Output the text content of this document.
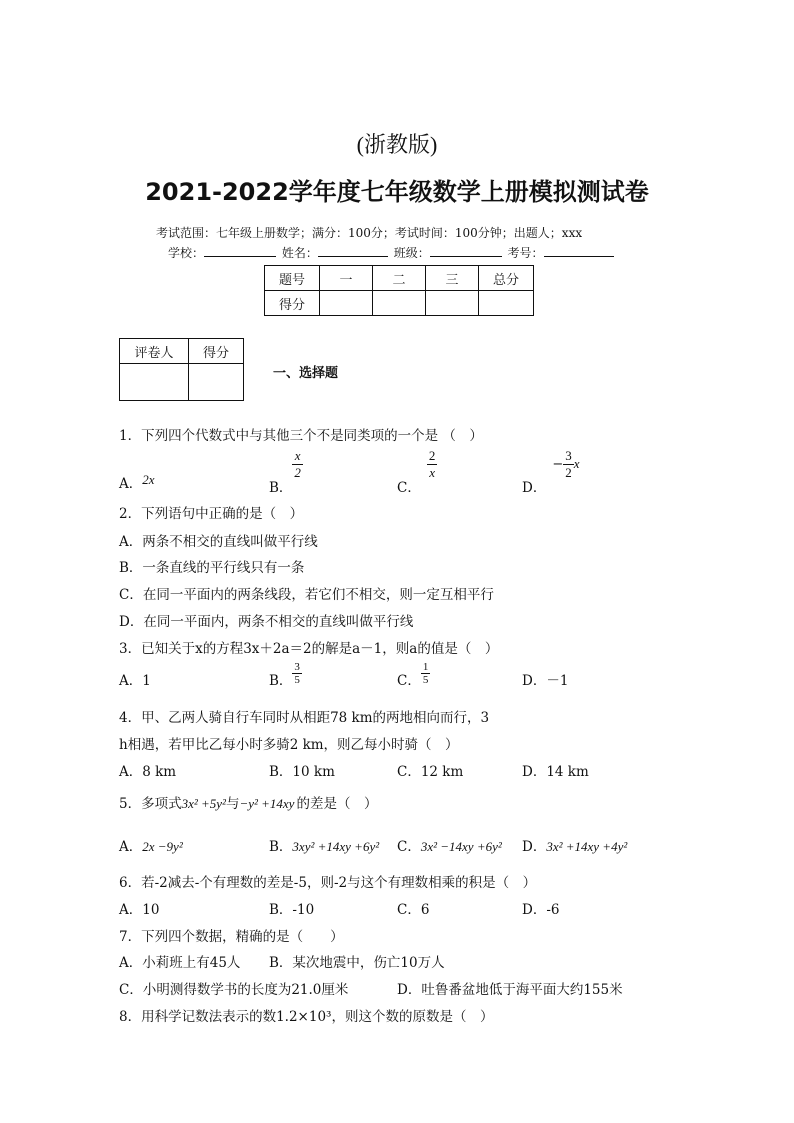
(浙教版)
2021-2022学年度七年级数学上册模拟测试卷
考试范围：七年级上册数学；满分：100分；考试时间：100分钟；出题人；xxx
学校：	姓名：	班级：	考号：
题号	一	二	三	总分
得分				
评卷人	得分

一、选择题
1．下列四个代数式中与其他三个不是同类项的一个是 （　）
A．2x
B．
$\frac{x}{2}$
C．
$\frac{2}{x}$
D．− $\frac{3}{2}$ x
2．下列语句中正确的是（　）
A．两条不相交的直线叫做平行线
B．一条直线的平行线只有一条
C．在同一平面内的两条线段，若它们不相交，则一定互相平行
D．在同一平面内，两条不相交的直线叫做平行线
3．已知关于x的方程3x＋2a＝2的解是a－1，则a的值是（　）
A．1	B． $\frac{3}{5}$	C． $\frac{1}{5}$	D．－1
4．甲、乙两人骑自行车同时从相距78 km的两地相向而行，3
h相遇，若甲比乙每小时多骑2 km，则乙每小时骑（　）
A．8 km	B．10 km	C．12 km	D．14 km
5．多项式3x² +5y²与−y² +14xy 的差是（　）
A．2x −9y²	B．3xy² +14xy +6y² C．3x² −14xy +6y² D．3x² +14xy +4y²
6．若-2减去-个有理数的差是-5，则-2与这个有理数相乘的积是（　）
A．10	B．-10	C．6	D．-6
7．下列四个数据，精确的是（　　）
A．小莉班上有45人 B．某次地震中，伤亡10万人
C．小明测得数学书的长度为21.0厘米	D．吐鲁番盆地低于海平面大约155米
8．用科学记数法表示的数1.2×10³，则这个数的原数是（　）
